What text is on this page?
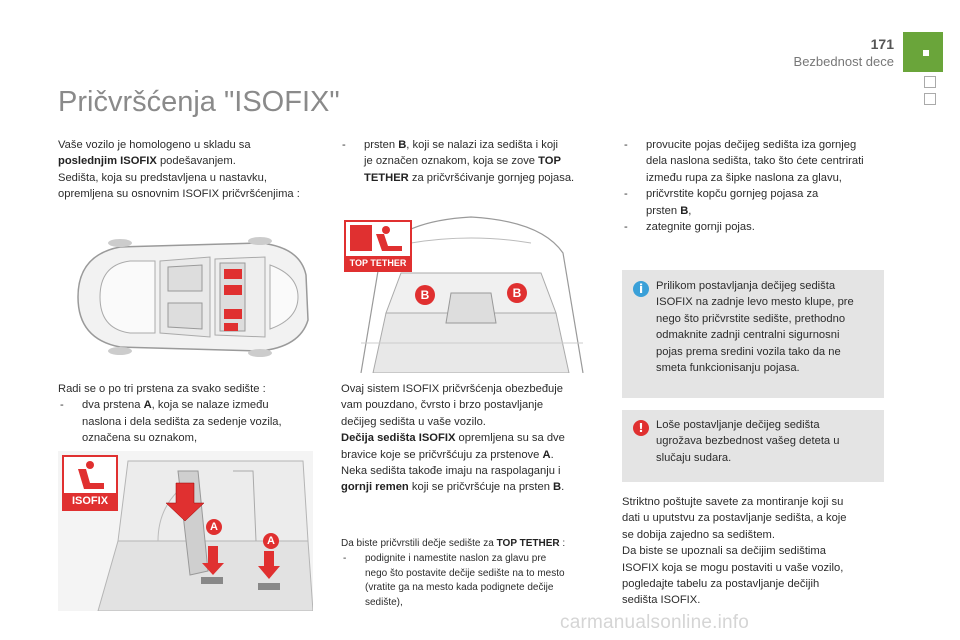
171
Bezbednost dece
Pričvršćenja "ISOFIX"
Vaše vozilo je homologeno u skladu sa
poslednjim ISOFIX podešavanjem.
Sedišta, koja su predstavljena u nastavku,
opremljena su osnovnim ISOFIX pričvršćenjima :
Radi se o po tri prstena za svako sedište :
- dva prstena A, koja se nalaze između
naslona i dela sedišta za sedenje vozila,
označena su oznakom,
ISOFIX
A
A
- prsten B, koji se nalazi iza sedišta i koji
je označen oznakom, koja se zove TOP
TETHER za pričvršćivanje gornjeg pojasa.
TOP TETHER
B	B
Ovaj sistem ISOFIX pričvršćenja obezbeđuje
vam pouzdano, čvrsto i brzo postavljanje
dečijeg sedišta u vaše vozilo.
Dečija sedišta ISOFIX opremljena su sa dve
bravice koje se pričvršćuju za prstenove A.
Neka sedišta takođe imaju na raspolaganju i
gornji remen koji se pričvršćuje na prsten B.
Da biste pričvrstili dečje sedište za TOP TETHER :
- podignite i namestite naslon za glavu pre
nego što postavite dečije sedište na to mesto
(vratite ga na mesto kada podignete dečije
sedište),
- provucite pojas dečijeg sedišta iza gornjeg
dela naslona sedišta, tako što ćete centrirati
između rupa za šipke naslona za glavu,
- pričvrstite kopču gornjeg pojasa za
prsten B,
- zategnite gornji pojas.
i	Prilikom postavljanja dečijeg sedišta
ISOFIX na zadnje levo mesto klupe, pre
nego što pričvrstite sedište, prethodno
odmaknite zadnji centralni sigurnosni
pojas prema sredini vozila tako da ne
smeta funkcionisanju pojasa.
!	Loše postavljanje dečijeg sedišta
ugrožava bezbednost vašeg deteta u
slučaju sudara.
Striktno poštujte savete za montiranje koji su
dati u uputstvu za postavljanje sedišta, a koje
se dobija zajedno sa sedištem.
Da biste se upoznali sa dečijim sedištima
ISOFIX koja se mogu postaviti u vaše vozilo,
pogledajte tabelu za postavljanje dečijih
sedišta ISOFIX.
carmanualsonline.info
